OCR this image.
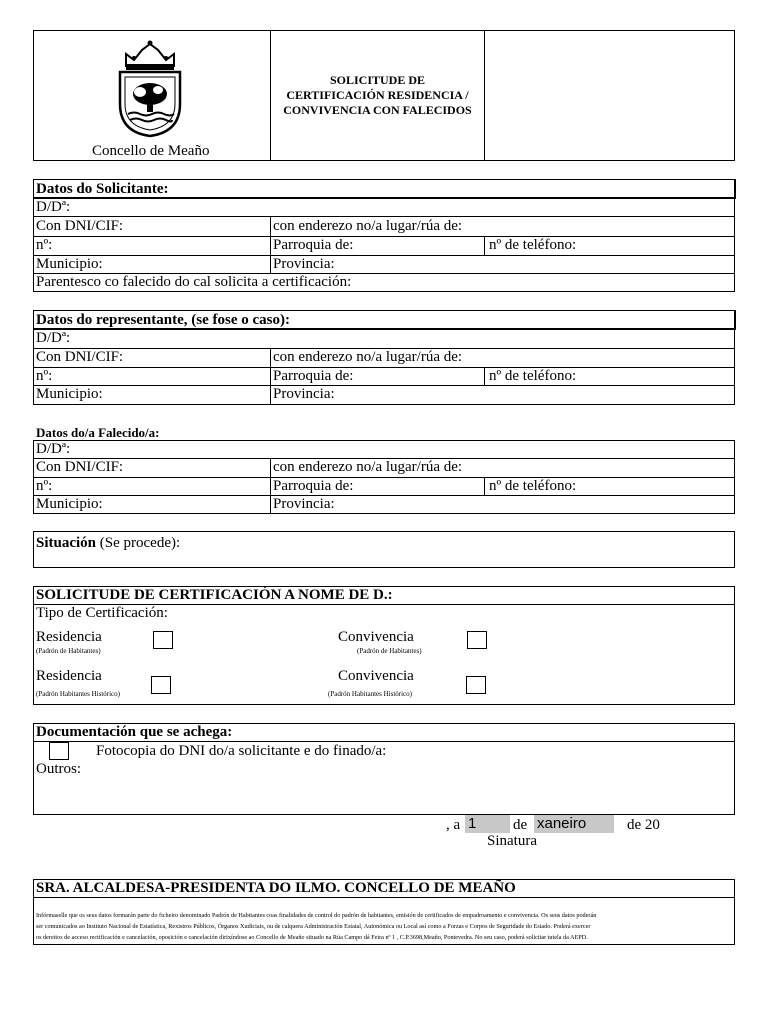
Concello de Meaño
SOLICITUDE DE
CERTIFICACIÓN RESIDENCIA /
CONVIVENCIA CON FALECIDOS
Datos do Solicitante:
D/Dª:
Con DNI/CIF:	con enderezo no/a lugar/rúa de:
nº:	Parroquia de:	nº de teléfono:
Municipio:	Provincia:
Parentesco co falecido do cal solicita a certificación:
Datos do representante, (se fose o caso):
D/Dª:
Con DNI/CIF:	con enderezo no/a lugar/rúa de:
nº:	Parroquia de:	nº de teléfono:
Municipio:	Provincia:
Datos do/a Falecido/a:
D/Dª:
Con DNI/CIF:	con enderezo no/a lugar/rúa de:
nº:	Parroquia de:	nº de teléfono:
Municipio:	Provincia:
Situación (Se procede):
SOLICITUDE DE CERTIFICACIÓN A NOME DE D.:
Tipo de Certificación:
Residencia
(Padrón de Habitantes)
Convivencia
(Padrón de Habitantes)
Residencia
(Padrón Habitantes Histórico)
Convivencia
(Padrón Habitantes Histórico)
Documentación que se achega:
Fotocopia do DNI do/a solicitante e do finado/a:
Outros:
, a 1	de xaneiro	de 20
Sinatura
SRA. ALCALDESA-PRESIDENTA DO ILMO. CONCELLO DE MEAÑO
Infórmaselle que os seus datos formarán parte do ficheiro denominado Padrón de Habitantes coas finalidades de control do padrón de habitantes, emisión de certificados de empadroamento e convivencia. Os seus datos poderán
ser comunicados ao Instituto Nacional de Estatística, Rexistros Públicos, Órganos Xudiciais, ou de calquera Administración Estatal, Autonómica ou Local así como a Forzas e Corpos de Seguridade do Estado. Poderá exercer
os dereitos de acceso rectificación e cancelación, oposición e cancelación dirixíndose ao Concello de Meaño situado na Rúa Campo dá Feira nº 1 , C.P.3698,Meaño, Pontevedra. No seu caso, poderá solicitar tutela da AEPD.
